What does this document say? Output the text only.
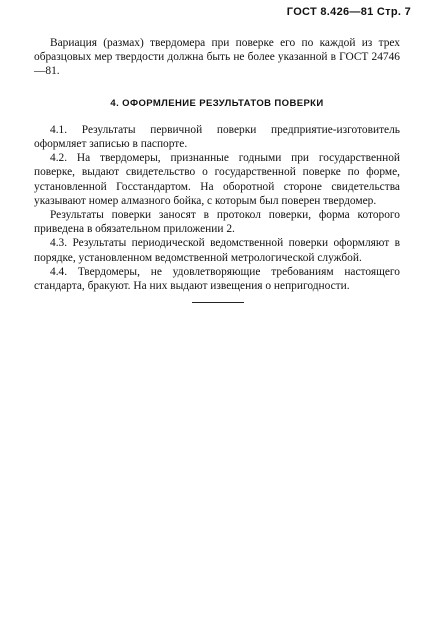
ГОСТ 8.426—81 Стр. 7

Вариация (размах) твердомера при поверке его по каждой из трех образцовых мер твердости должна быть не более указанной в ГОСТ 24746—81.

4. ОФОРМЛЕНИЕ РЕЗУЛЬТАТОВ ПОВЕРКИ

4.1. Результаты первичной поверки предприятие-изготовитель оформляет записью в паспорте.

4.2. На твердомеры, признанные годными при государственной поверке, выдают свидетельство о государственной поверке по форме, установленной Госстандартом. На оборотной стороне свидетельства указывают номер алмазного бойка, с которым был поверен твердомер.

Результаты поверки заносят в протокол поверки, форма которого приведена в обязательном приложении 2.

4.3. Результаты периодической ведомственной поверки оформляют в порядке, установленном ведомственной метрологической службой.

4.4. Твердомеры, не удовлетворяющие требованиям настоящего стандарта, бракуют. На них выдают извещения о непригодности.
